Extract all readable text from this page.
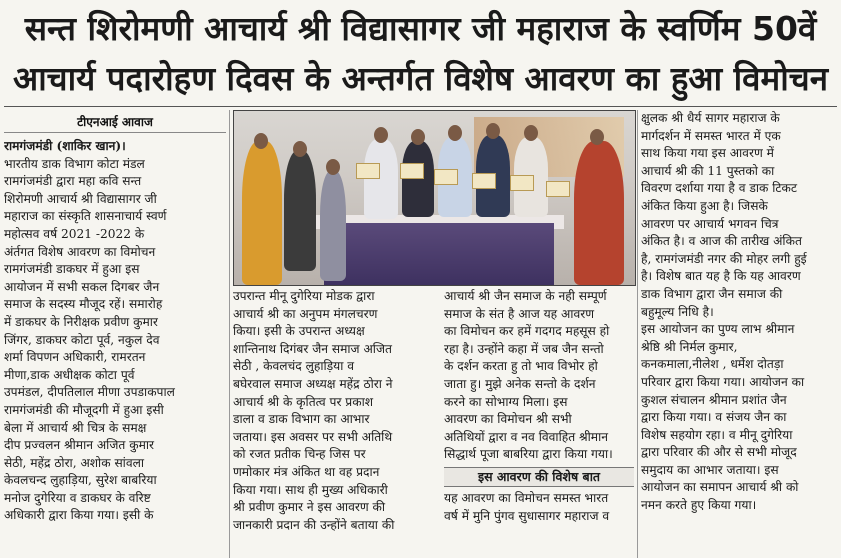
सन्त शिरोमणी आचार्य श्री विद्यासागर जी महाराज के स्वर्णिम 50वें
आचार्य पदारोहण दिवस के अन्तर्गत विशेष आवरण का हुआ विमोचन
टीएनआई आवाज

रामगंजमंडी (शाकिर खान)।

भारतीय डाक विभाग कोटा मंडल

रामगंजमंडी द्वारा महा कवि सन्त

शिरोमणी आचार्य श्री विद्यासागर जी

महाराज का संस्कृति शासनाचार्य स्वर्ण

महोत्सव वर्ष 2021 -2022 के

अंर्तगत विशेष आवरण का विमोचन

रामगंजमंडी डाकघर में हुआ इस

आयोजन में सभी सकल दिगबर जैन

समाज के सदस्य मौजूद रहें। समारोह

में डाकघर के निरीक्षक प्रवीण कुमार

जिंगर, डाकघर कोटा पूर्व, नकुल देव

शर्मा विपणन अधिकारी, रामरतन

मीणा,डाक अधीक्षक कोटा पूर्व

उपमंडल, दीपतिलाल मीणा उपडाकपाल

रामगंजमंडी की मौजूदगी में हुआ इसी

बेला में आचार्य श्री चित्र के समक्ष

दीप प्रज्वलन श्रीमान अजित कुमार

सेठी, महेंद्र ठोरा, अशोक सांवला

केवलचन्द लुहाड़िया, सुरेश बाबरिया

मनोज दुगेरिया व डाकघर के वरिष्ट

अधिकारी द्वारा किया गया। इसी के

उपरान्त मीनू दुगेरिया मोडक द्वारा

आचार्य श्री का अनुपम मंगलचरण

किया। इसी के उपरान्त अध्यक्ष

शान्तिनाथ दिगंबर जैन समाज अजित

सेठी , केवलचंद लुहाड़िया व

बघेरवाल समाज अध्यक्ष महेंद्र ठोरा ने

आचार्य श्री के कृतित्व पर प्रकाश

डाला व डाक विभाग का आभार

जताया। इस अवसर पर सभी अतिथि

को रजत प्रतीक चिन्ह जिस पर

णमोकार मंत्र अंकित था वह प्रदान

किया गया। साथ ही मुख्य अधिकारी

श्री प्रवीण कुमार ने इस आवरण की

जानकारी प्रदान की उन्होंने बताया की

आचार्य श्री जैन समाज के नही सम्पूर्ण

समाज के संत है आज यह आवरण

का विमोचन कर हमें गदगद महसूस हो

रहा है। उन्होंने कहा में जब जैन सन्तो

के दर्शन करता हु तो भाव विभोर हो

जाता हु। मुझे अनेक सन्तो के दर्शन

करने का सोभाग्य मिला। इस

आवरण का विमोचन श्री सभी

अतिथियों द्वारा व नव विवाहित श्रीमान

सिद्धार्थ पूजा बाबरिया द्वारा किया गया।

इस आवरण की विशेष बात

यह आवरण का विमोचन समस्त भारत

वर्ष में मुनि पुंगव सुधासागर महाराज व

क्षुलक श्री धैर्य सागर महाराज के

मार्गदर्शन में समस्त भारत में एक

साथ किया गया इस आवरण में

आचार्य श्री की 11 पुस्तको का

विवरण दर्शाया गया है व डाक टिकट

अंकित किया हुआ है। जिसके

आवरण पर आचार्य भगवन चित्र

अंकित है। व आज की तारीख अंकित

है, रामगंजमंडी नगर की मोहर लगी हुई

है। विशेष बात यह है कि यह आवरण

डाक विभाग द्वारा जैन समाज की

बहुमूल्य निधि है।

इस आयोजन का पुण्य लाभ श्रीमान

श्रेष्ठि श्री निर्मल कुमार,

कनकमाला,नीलेश , धर्मेश दोतड़ा

परिवार द्वारा किया गया। आयोजन का

कुशल संचालन श्रीमान प्रशांत जैन

द्वारा किया गया। व संजय जैन का

विशेष सहयोग रहा। व मीनू दुगेरिया

द्वारा परिवार की और से सभी मोजूद

समुदाय का आभार जताया। इस

आयोजन का समापन आचार्य श्री को

नमन करते हुए किया गया।
